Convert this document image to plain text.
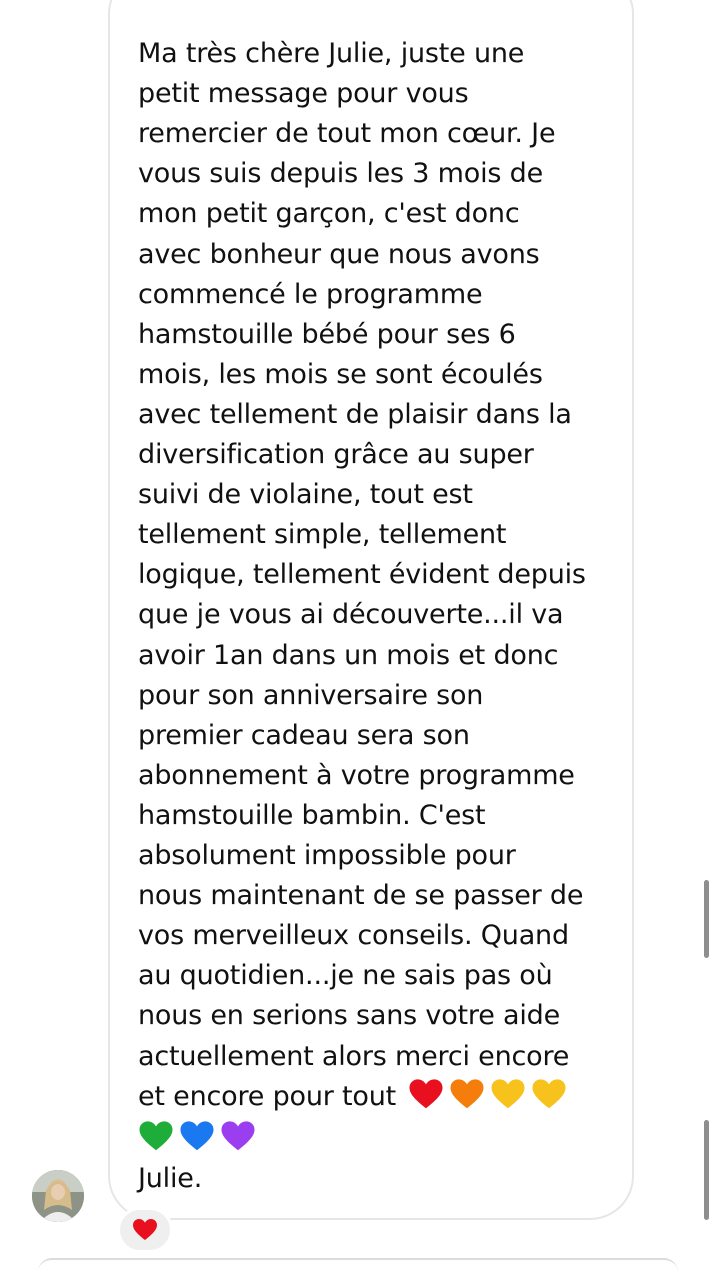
Ma très chère Julie, juste une

petit message pour vous

remercier de tout mon cœur. Je

vous suis depuis les 3 mois de

mon petit garçon, c'est donc

avec bonheur que nous avons

commencé le programme

hamstouille bébé pour ses 6

mois, les mois se sont écoulés

avec tellement de plaisir dans la

diversification grâce au super

suivi de violaine, tout est

tellement simple, tellement

logique, tellement évident depuis

que je vous ai découverte...il va

avoir 1an dans un mois et donc

pour son anniversaire son

premier cadeau sera son

abonnement à votre programme

hamstouille bambin. C'est

absolument impossible pour

nous maintenant de se passer de

vos merveilleux conseils. Quand

au quotidien...je ne sais pas où

nous en serions sans votre aide

actuellement alors merci encore

et encore pour tout

Julie.
